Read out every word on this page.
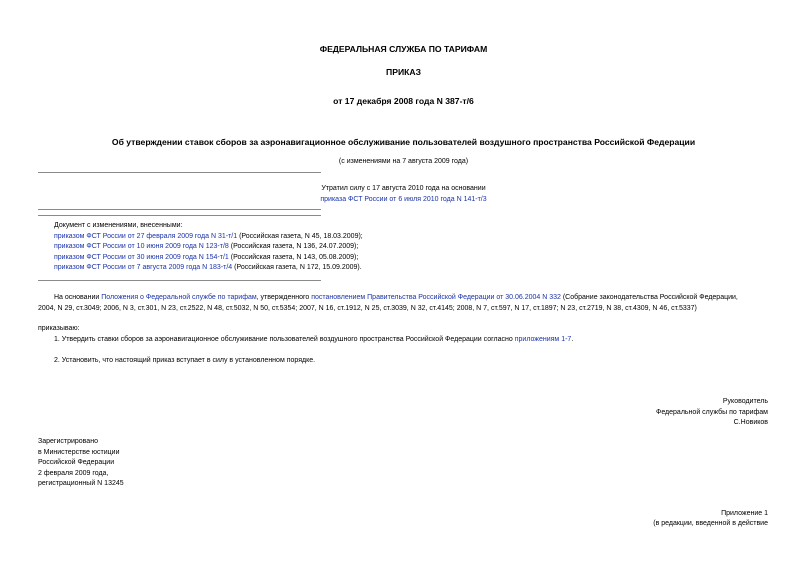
ФЕДЕРАЛЬНАЯ СЛУЖБА ПО ТАРИФАМ
ПРИКАЗ
от 17 декабря 2008 года N 387-т/6
Об утверждении ставок сборов за аэронавигационное обслуживание пользователей воздушного пространства Российской Федерации
(с изменениями на 7 августа 2009 года)
Утратил силу с 17 августа 2010 года на основании
приказа ФСТ России от 6 июля 2010 года N 141-т/3
Документ с изменениями, внесенными:
приказом ФСТ России от 27 февраля 2009 года N 31-т/1 (Российская газета, N 45, 18.03.2009);
приказом ФСТ России от 10 июня 2009 года N 123-т/8 (Российская газета, N 136, 24.07.2009);
приказом ФСТ России от 30 июня 2009 года N 154-т/1 (Российская газета, N 143, 05.08.2009);
приказом ФСТ России от 7 августа 2009 года N 183-т/4 (Российская газета, N 172, 15.09.2009).
На основании Положения о Федеральной службе по тарифам, утвержденного постановлением Правительства Российской Федерации от 30.06.2004 N 332 (Собрание законодательства Российской Федерации,
2004, N 29, ст.3049; 2006, N 3, ст.301, N 23, ст.2522, N 48, ст.5032, N 50, ст.5354; 2007, N 16, ст.1912, N 25, ст.3039, N 32, ст.4145; 2008, N 7, ст.597, N 17, ст.1897; N 23, ст.2719, N 38, ст.4309, N 46, ст.5337)
приказываю:
1. Утвердить ставки сборов за аэронавигационное обслуживание пользователей воздушного пространства Российской Федерации согласно приложениям 1-7.
2. Установить, что настоящий приказ вступает в силу в установленном порядке.
Руководитель
Федеральной службы по тарифам
С.Новиков
Зарегистрировано
в Министерстве юстиции
Российской Федерации
2 февраля 2009 года,
регистрационный N 13245
Приложение 1
(в редакции, введенной в действие
